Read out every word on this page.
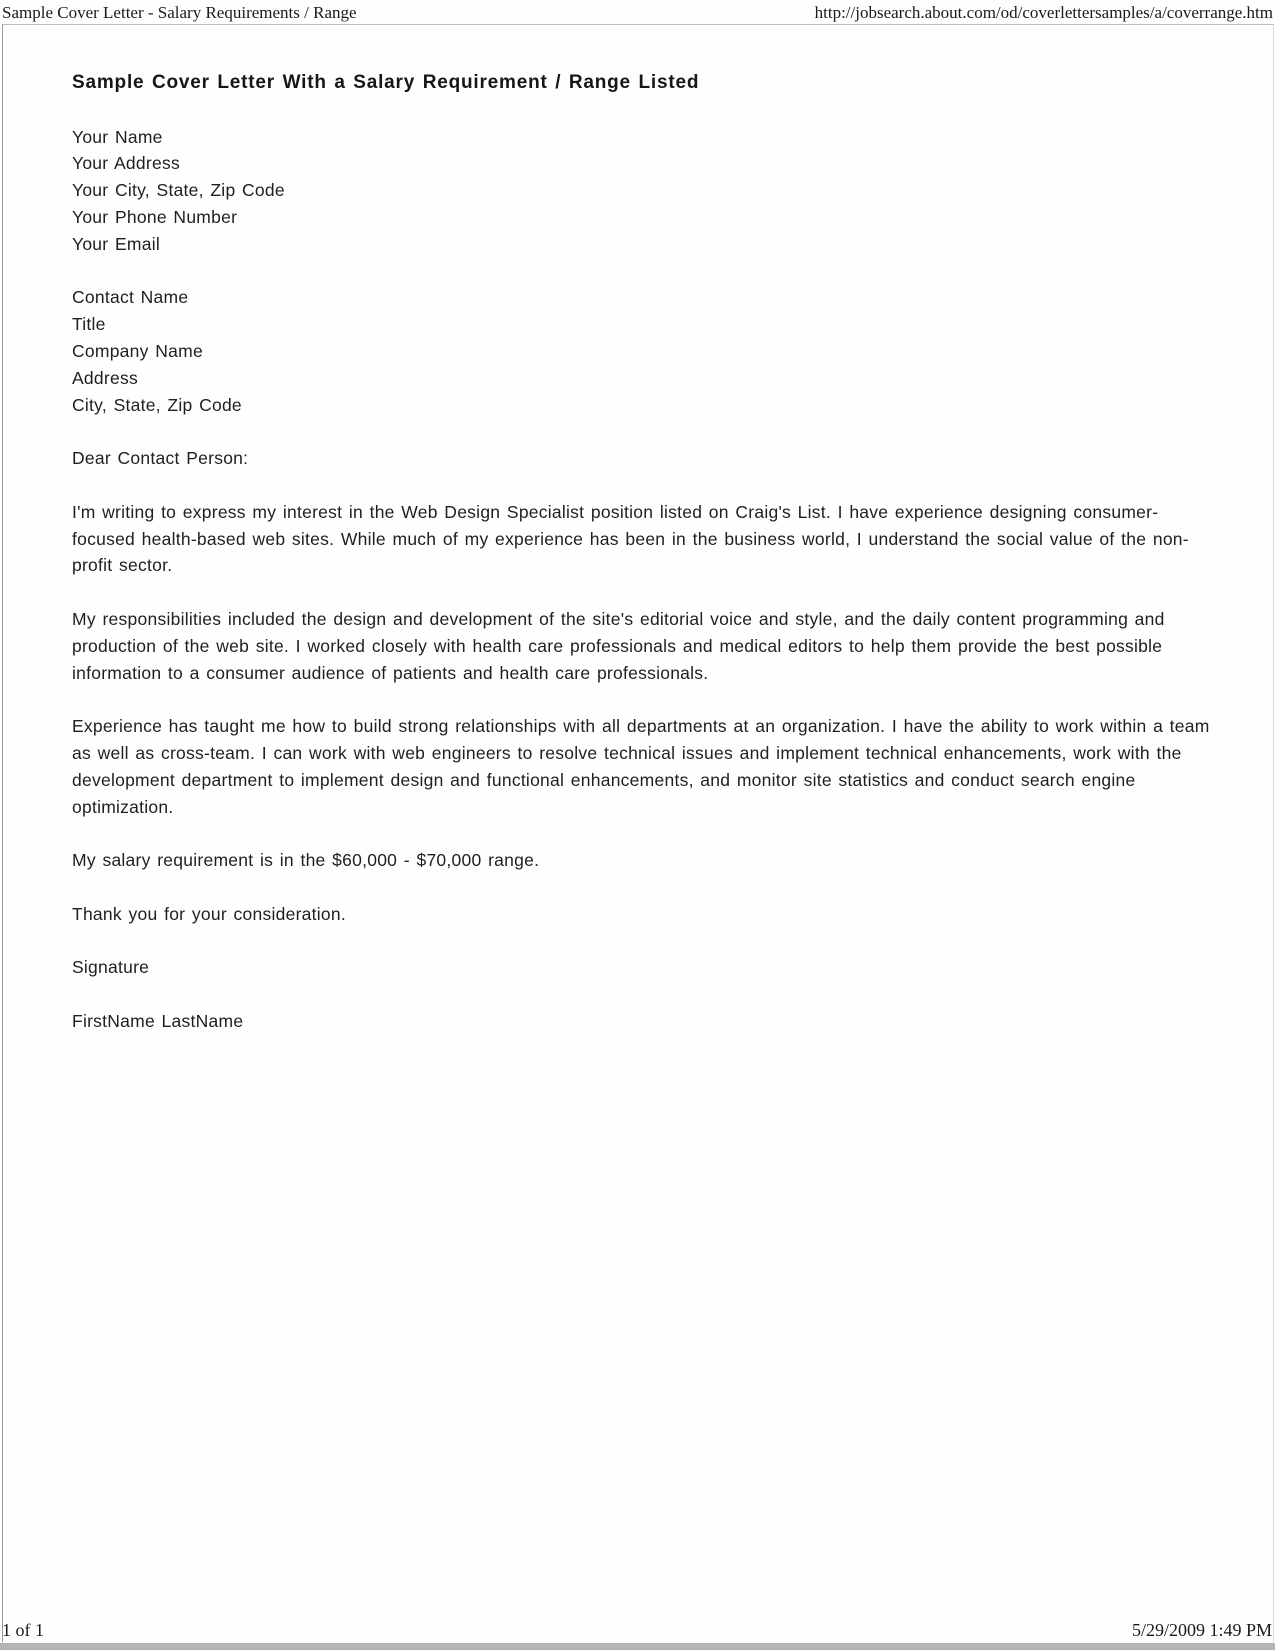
Sample Cover Letter - Salary Requirements / Range	http://jobsearch.about.com/od/coverlettersamples/a/coverrange.htm
Sample Cover Letter With a Salary Requirement / Range Listed
Your Name
Your Address
Your City, State, Zip Code
Your Phone Number
Your Email
Contact Name
Title
Company Name
Address
City, State, Zip Code

Dear Contact Person:

I'm writing to express my interest in the Web Design Specialist position listed on Craig's List. I have experience designing consumer-focused health-based web sites. While much of my experience has been in the business world, I understand the social value of the non-profit sector.

My responsibilities included the design and development of the site's editorial voice and style, and the daily content programming and production of the web site. I worked closely with health care professionals and medical editors to help them provide the best possible information to a consumer audience of patients and health care professionals.

Experience has taught me how to build strong relationships with all departments at an organization. I have the ability to work within a team as well as cross-team. I can work with web engineers to resolve technical issues and implement technical enhancements, work with the development department to implement design and functional enhancements, and monitor site statistics and conduct search engine optimization.

My salary requirement is in the $60,000 - $70,000 range.

Thank you for your consideration.

Signature

FirstName LastName

1 of 1	5/29/2009 1:49 PM
